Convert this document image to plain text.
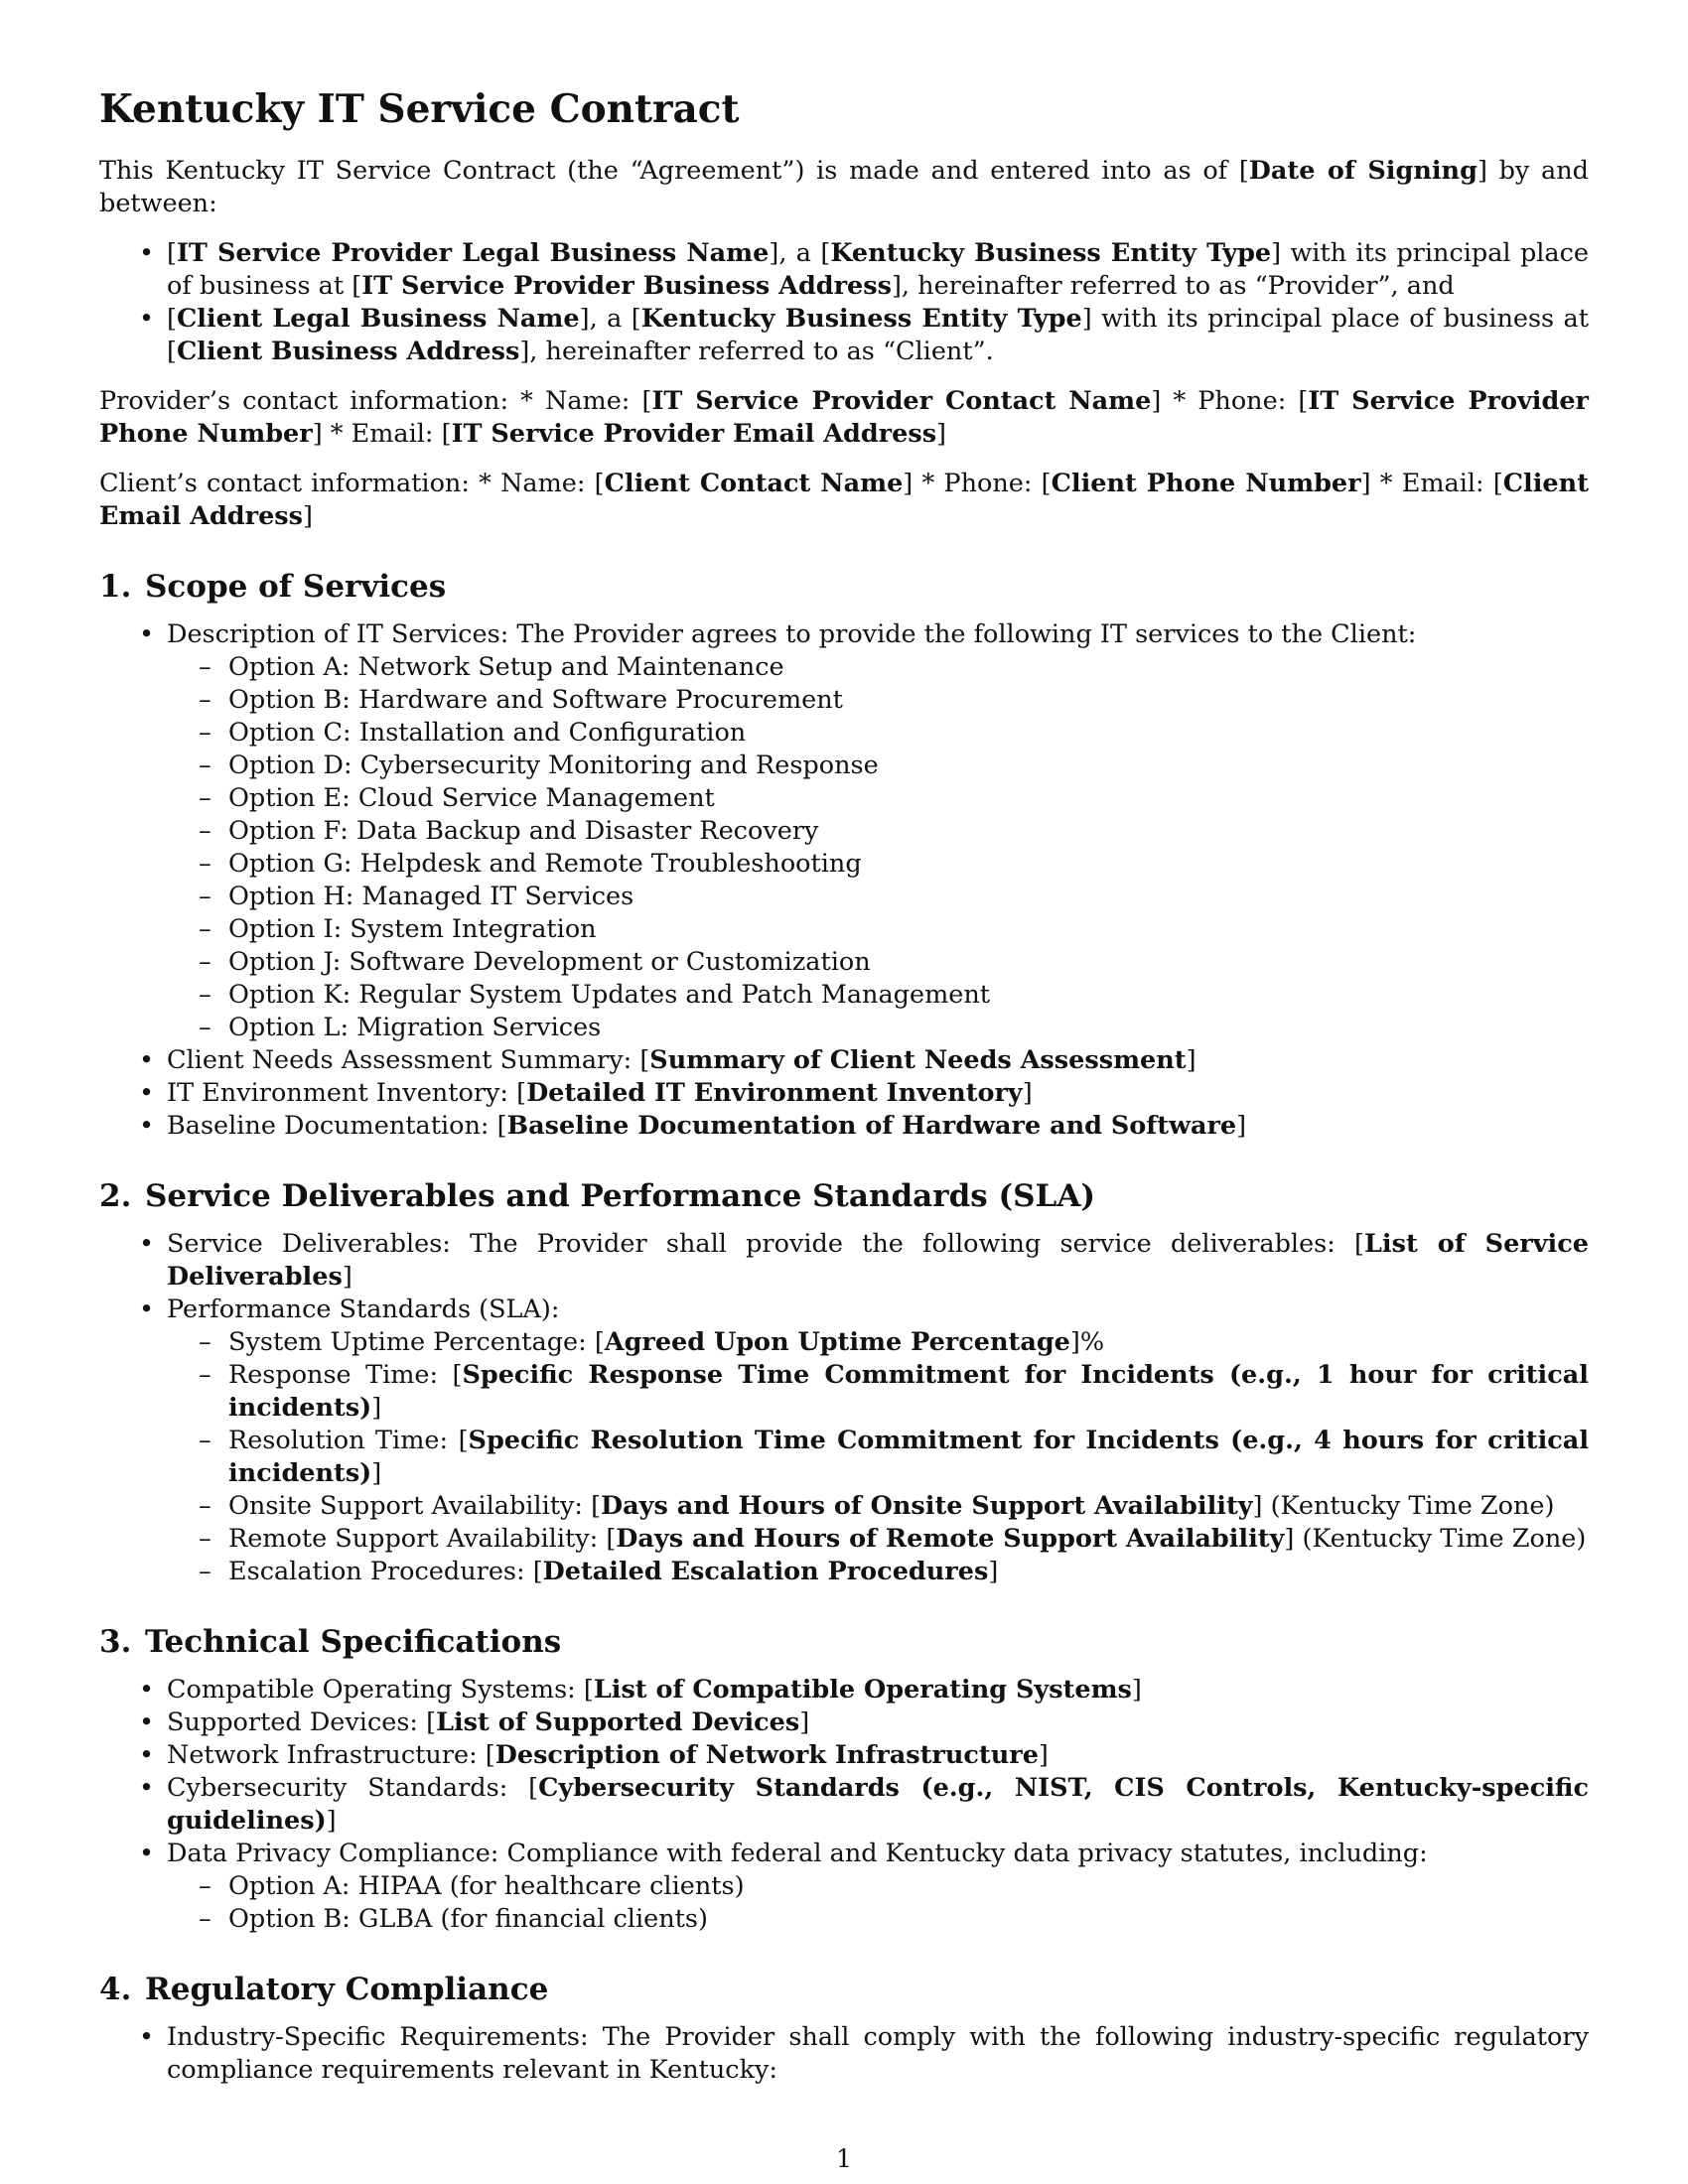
Kentucky IT Service Contract

This Kentucky IT Service Contract (the “Agreement”) is made and entered into as of [Date of Signing] by and between:

• [IT Service Provider Legal Business Name], a [Kentucky Business Entity Type] with its principal place of business at [IT Service Provider Business Address], hereinafter referred to as “Provider”, and
• [Client Legal Business Name], a [Kentucky Business Entity Type] with its principal place of business at [Client Business Address], hereinafter referred to as “Client”.

Provider’s contact information: * Name: [IT Service Provider Contact Name] * Phone: [IT Service Provider Phone Number] * Email: [IT Service Provider Email Address]

Client’s contact information: * Name: [Client Contact Name] * Phone: [Client Phone Number] * Email: [Client Email Address]

1. Scope of Services
• Description of IT Services: The Provider agrees to provide the following IT services to the Client:
– Option A: Network Setup and Maintenance
– Option B: Hardware and Software Procurement
– Option C: Installation and Configuration
– Option D: Cybersecurity Monitoring and Response
– Option E: Cloud Service Management
– Option F: Data Backup and Disaster Recovery
– Option G: Helpdesk and Remote Troubleshooting
– Option H: Managed IT Services
– Option I: System Integration
– Option J: Software Development or Customization
– Option K: Regular System Updates and Patch Management
– Option L: Migration Services
• Client Needs Assessment Summary: [Summary of Client Needs Assessment]
• IT Environment Inventory: [Detailed IT Environment Inventory]
• Baseline Documentation: [Baseline Documentation of Hardware and Software]
2. Service Deliverables and Performance Standards (SLA)
• Service Deliverables: The Provider shall provide the following service deliverables: [List of Service Deliverables]
• Performance Standards (SLA):
– System Uptime Percentage: [Agreed Upon Uptime Percentage]%
– Response Time: [Specific Response Time Commitment for Incidents (e.g., 1 hour for critical incidents)]
– Resolution Time: [Specific Resolution Time Commitment for Incidents (e.g., 4 hours for critical incidents)]
– Onsite Support Availability: [Days and Hours of Onsite Support Availability] (Kentucky Time Zone)
– Remote Support Availability: [Days and Hours of Remote Support Availability] (Kentucky Time Zone)
– Escalation Procedures: [Detailed Escalation Procedures]
3. Technical Specifications
• Compatible Operating Systems: [List of Compatible Operating Systems]
• Supported Devices: [List of Supported Devices]
• Network Infrastructure: [Description of Network Infrastructure]
• Cybersecurity Standards: [Cybersecurity Standards (e.g., NIST, CIS Controls, Kentucky-specific guidelines)]
• Data Privacy Compliance: Compliance with federal and Kentucky data privacy statutes, including:
– Option A: HIPAA (for healthcare clients)
– Option B: GLBA (for financial clients)
4. Regulatory Compliance
• Industry-Specific Requirements: The Provider shall comply with the following industry-specific regulatory compliance requirements relevant in Kentucky:
1
